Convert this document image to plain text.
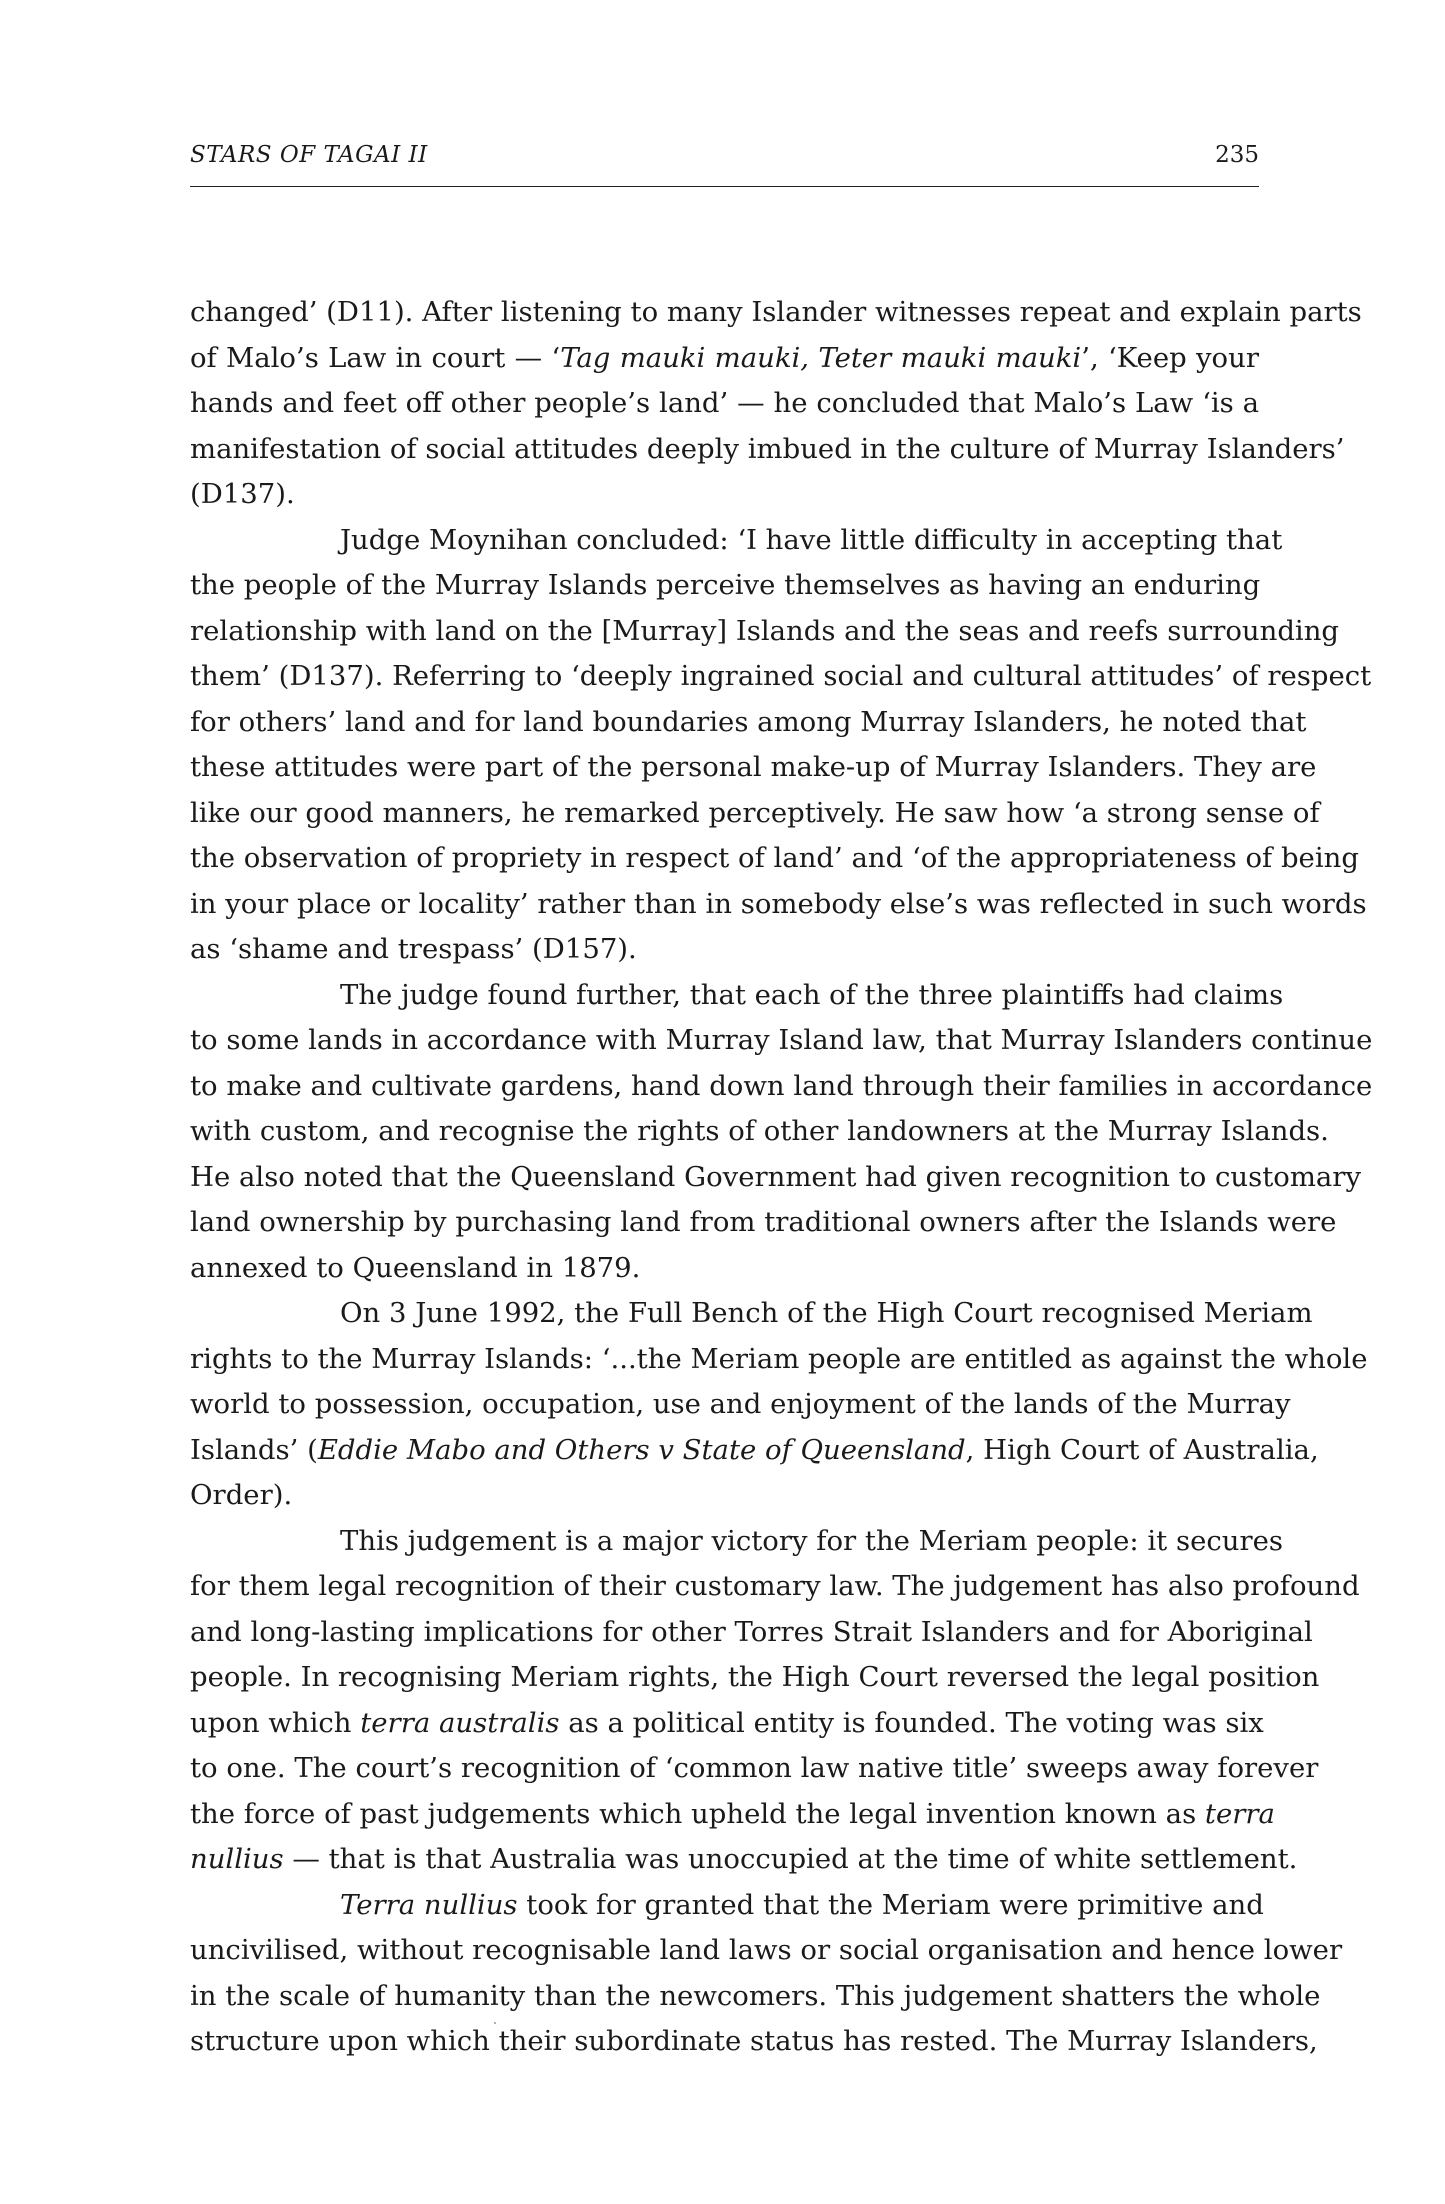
STARS OF TAGAI II	235
changed’ (D11). After listening to many Islander witnesses repeat and explain parts
of Malo’s Law in court — ‘Tag mauki mauki, Teter mauki mauki’, ‘Keep your
hands and feet off other people’s land’ — he concluded that Malo’s Law ‘is a
manifestation of social attitudes deeply imbued in the culture of Murray Islanders’
(D137).
Judge Moynihan concluded: ‘I have little difficulty in accepting that
the people of the Murray Islands perceive themselves as having an enduring
relationship with land on the [Murray] Islands and the seas and reefs surrounding
them’ (D137). Referring to ‘deeply ingrained social and cultural attitudes’ of respect
for others’ land and for land boundaries among Murray Islanders, he noted that
these attitudes were part of the personal make-up of Murray Islanders. They are
like our good manners, he remarked perceptively. He saw how ‘a strong sense of
the observation of propriety in respect of land’ and ‘of the appropriateness of being
in your place or locality’ rather than in somebody else’s was reflected in such words
as ‘shame and trespass’ (D157).
The judge found further, that each of the three plaintiffs had claims
to some lands in accordance with Murray Island law, that Murray Islanders continue
to make and cultivate gardens, hand down land through their families in accordance
with custom, and recognise the rights of other landowners at the Murray Islands.
He also noted that the Queensland Government had given recognition to customary
land ownership by purchasing land from traditional owners after the Islands were
annexed to Queensland in 1879.
On 3 June 1992, the Full Bench of the High Court recognised Meriam
rights to the Murray Islands: ‘...the Meriam people are entitled as against the whole
world to possession, occupation, use and enjoyment of the lands of the Murray
Islands’ (Eddie Mabo and Others v State of Queensland, High Court of Australia,
Order).
This judgement is a major victory for the Meriam people: it secures
for them legal recognition of their customary law. The judgement has also profound
and long-lasting implications for other Torres Strait Islanders and for Aboriginal
people. In recognising Meriam rights, the High Court reversed the legal position
upon which terra australis as a political entity is founded. The voting was six
to one. The court’s recognition of ‘common law native title’ sweeps away forever
the force of past judgements which upheld the legal invention known as terra
nullius — that is that Australia was unoccupied at the time of white settlement.
Terra nullius took for granted that the Meriam were primitive and
uncivilised, without recognisable land laws or social organisation and hence lower
in the scale of humanity than the newcomers. This judgement shatters the whole
structure upon which their subordinate status has rested. The Murray Islanders,
